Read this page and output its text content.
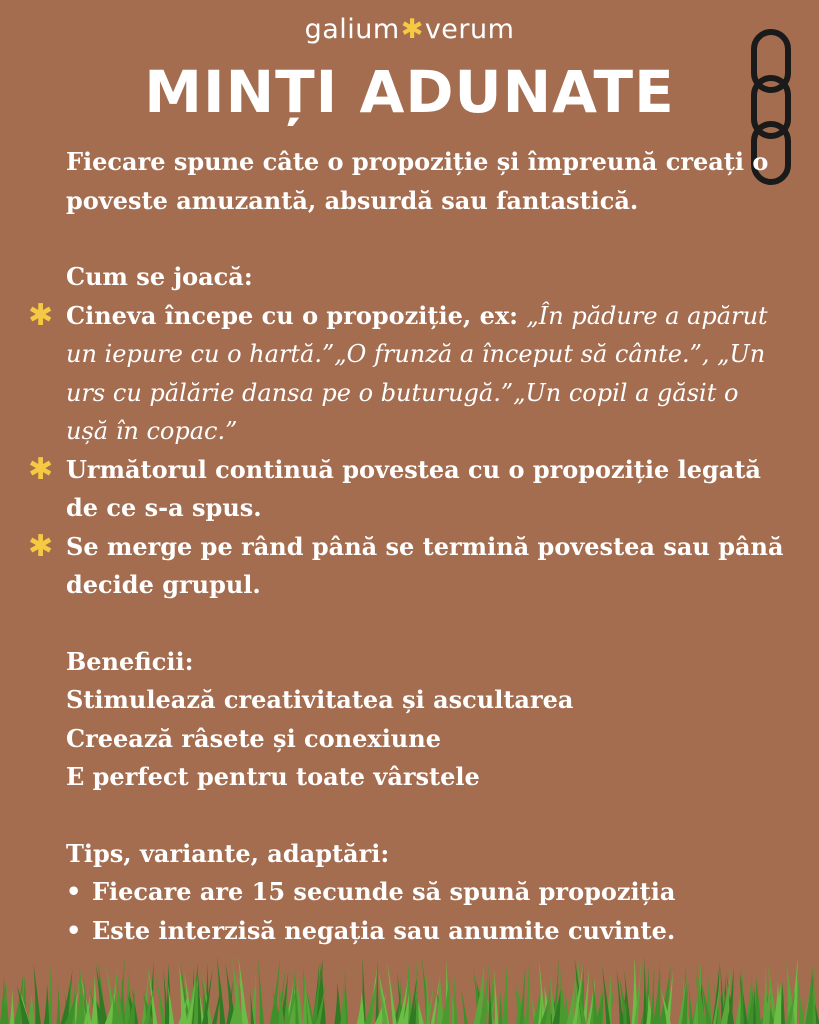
galium✱verum
MINȚI ADUNATE

Fiecare spune câte o propoziție și împreună creați o poveste amuzantă, absurdă sau fantastică.

Cum se joacă:

✱ Cineva începe cu o propoziție, ex: „În pădure a apărut un iepure cu o hartă.”„O frunză a început să cânte.”, „Un urs cu pălărie dansa pe o buturugă.”„Un copil a găsit o ușă în copac.”

✱ Următorul continuă povestea cu o propoziție legată de ce s-a spus.

✱ Se merge pe rând până se termină povestea sau până decide grupul.

Beneficii:

Stimulează creativitatea și ascultarea

Creează râsete și conexiune

E perfect pentru toate vârstele

Tips, variante, adaptări:

• Fiecare are 15 secunde să spună propoziția
• Este interzisă negația sau anumite cuvinte.
